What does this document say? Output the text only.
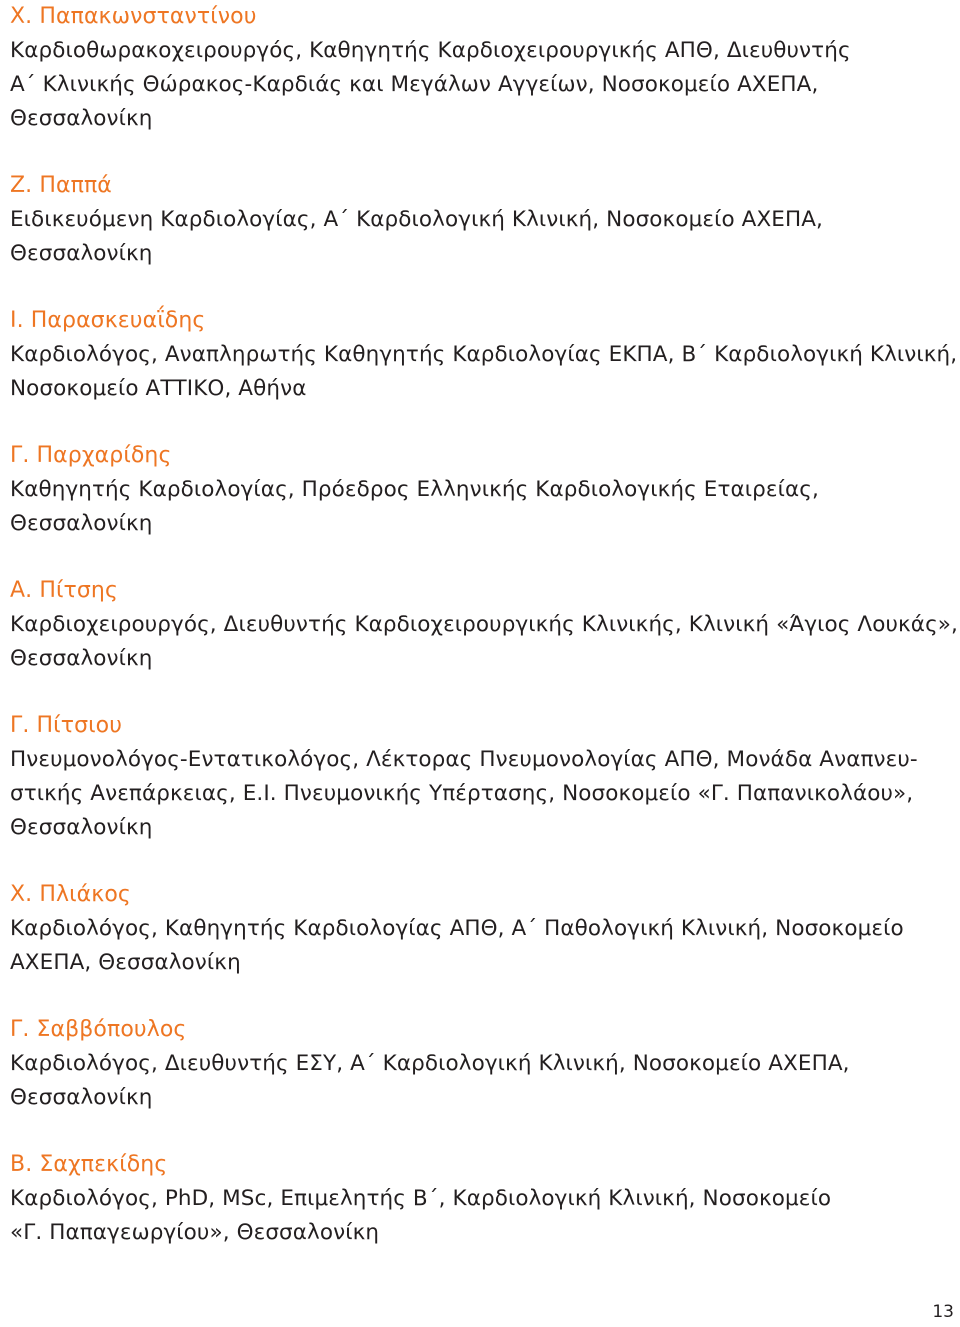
Χ. Παπακωνσταντίνου
Καρδιοθωρακοχειρουργός, Καθηγητής Καρδιοχειρουργικής ΑΠΘ, Διευθυντής
Α΄ Κλινικής Θώρακος-Καρδιάς και Μεγάλων Αγγείων, Νοσοκομείο ΑΧΕΠΑ,
Θεσσαλονίκη
Ζ. Παππά
Ειδικευόμενη Καρδιολογίας, Α΄ Καρδιολογική Κλινική, Νοσοκομείο ΑΧΕΠΑ,
Θεσσαλονίκη
Ι. Παρασκευαΐδης
Καρδιολόγος, Αναπληρωτής Καθηγητής Καρδιολογίας ΕΚΠΑ, Β΄ Καρδιολογική Κλινική,
Νοσοκομείο ΑΤΤΙΚΟ, Αθήνα
Γ. Παρχαρίδης
Καθηγητής Καρδιολογίας, Πρόεδρος Ελληνικής Καρδιολογικής Εταιρείας,
Θεσσαλονίκη
Α. Πίτσης
Καρδιοχειρουργός, Διευθυντής Καρδιοχειρουργικής Κλινικής, Κλινική «Άγιος Λουκάς»,
Θεσσαλονίκη
Γ. Πίτσιου
Πνευμονολόγος-Εντατικολόγος, Λέκτορας Πνευμονολογίας ΑΠΘ, Μονάδα Αναπνευ-
στικής Ανεπάρκειας, Ε.Ι. Πνευμονικής Υπέρτασης, Νοσοκομείο «Γ. Παπανικολάου»,
Θεσσαλονίκη
Χ. Πλιάκος
Καρδιολόγος, Καθηγητής Καρδιολογίας ΑΠΘ, Α΄ Παθολογική Κλινική, Νοσοκομείο
ΑΧΕΠΑ, Θεσσαλονίκη
Γ. Σαββόπουλος
Καρδιολόγος, Διευθυντής ΕΣΥ, Α΄ Καρδιολογική Κλινική, Νοσοκομείο ΑΧΕΠΑ,
Θεσσαλονίκη
Β. Σαχπεκίδης
Καρδιολόγος, PhD, MSc, Επιμελητής Β΄, Καρδιολογική Κλινική, Νοσοκομείο
«Γ. Παπαγεωργίου», Θεσσαλονίκη
13
